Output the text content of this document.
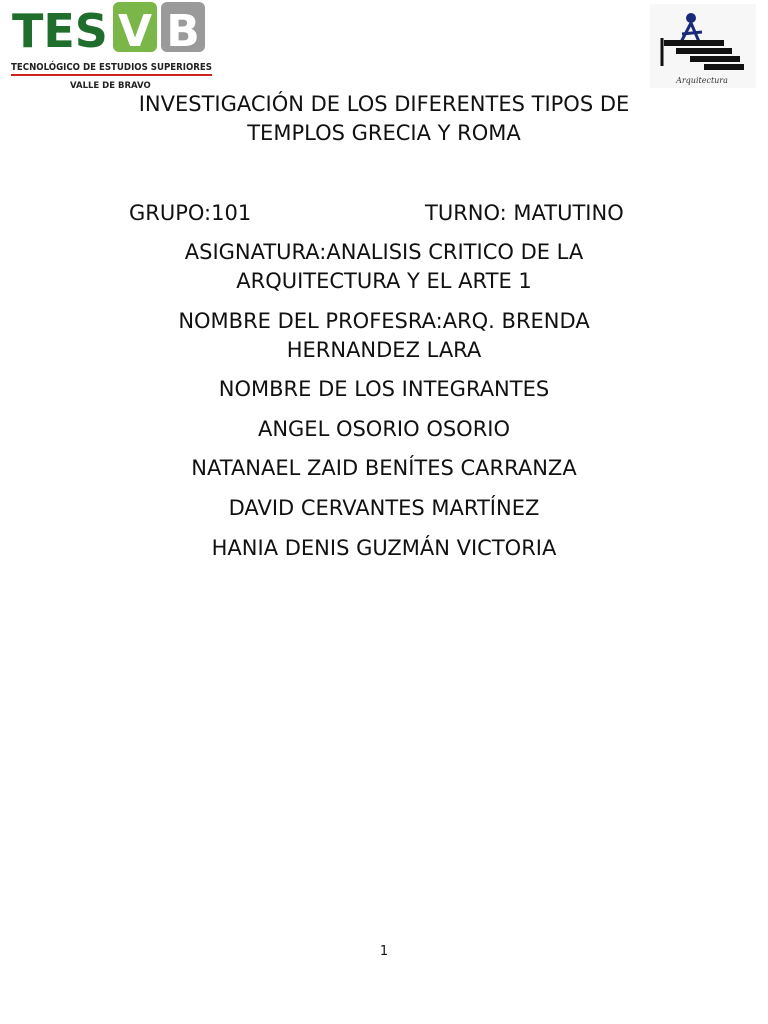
TES V B
TECNOLÓGICO DE ESTUDIOS SUPERIORES
VALLE DE BRAVO
Arquitectura
INVESTIGACIÓN DE LOS DIFERENTES TIPOS DE
TEMPLOS GRECIA Y ROMA
GRUPO:101	TURNO: MATUTINO
ASIGNATURA:ANALISIS CRITICO DE LA
ARQUITECTURA Y EL ARTE 1
NOMBRE DEL PROFESRA:ARQ. BRENDA
HERNANDEZ LARA
NOMBRE DE LOS INTEGRANTES
ANGEL OSORIO OSORIO
NATANAEL ZAID BENÍTES CARRANZA
DAVID CERVANTES MARTÍNEZ
HANIA DENIS GUZMÁN VICTORIA
1
